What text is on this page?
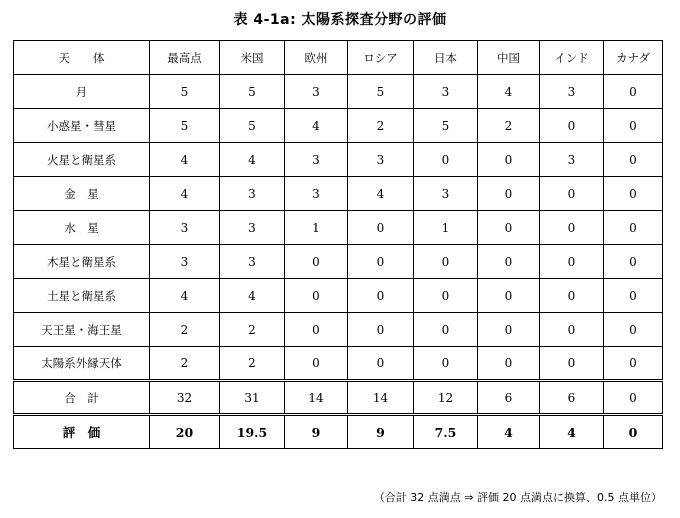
表 4-1a: 太陽系探査分野の評価
天　　体	最高点	米国	欧州	ロシア	日本	中国	インド	カナダ
月	5	5	3	5	3	4	3	0
小惑星・彗星	5	5	4	2	5	2	0	0
火星と衛星系	4	4	3	3	0	0	3	0
金　星	4	3	3	4	3	0	0	0
水　星	3	3	1	0	1	0	0	0
木星と衛星系	3	3	0	0	0	0	0	0
土星と衛星系	4	4	0	0	0	0	0	0
天王星・海王星	2	2	0	0	0	0	0	0
太陽系外縁天体	2	2	0	0	0	0	0	0
合　計	32	31	14	14	12	6	6	0
評　価	20	19.5	9	9	7.5	4	4	0
（合計 32 点満点 ⇒ 評価 20 点満点に換算、0.5 点単位）
